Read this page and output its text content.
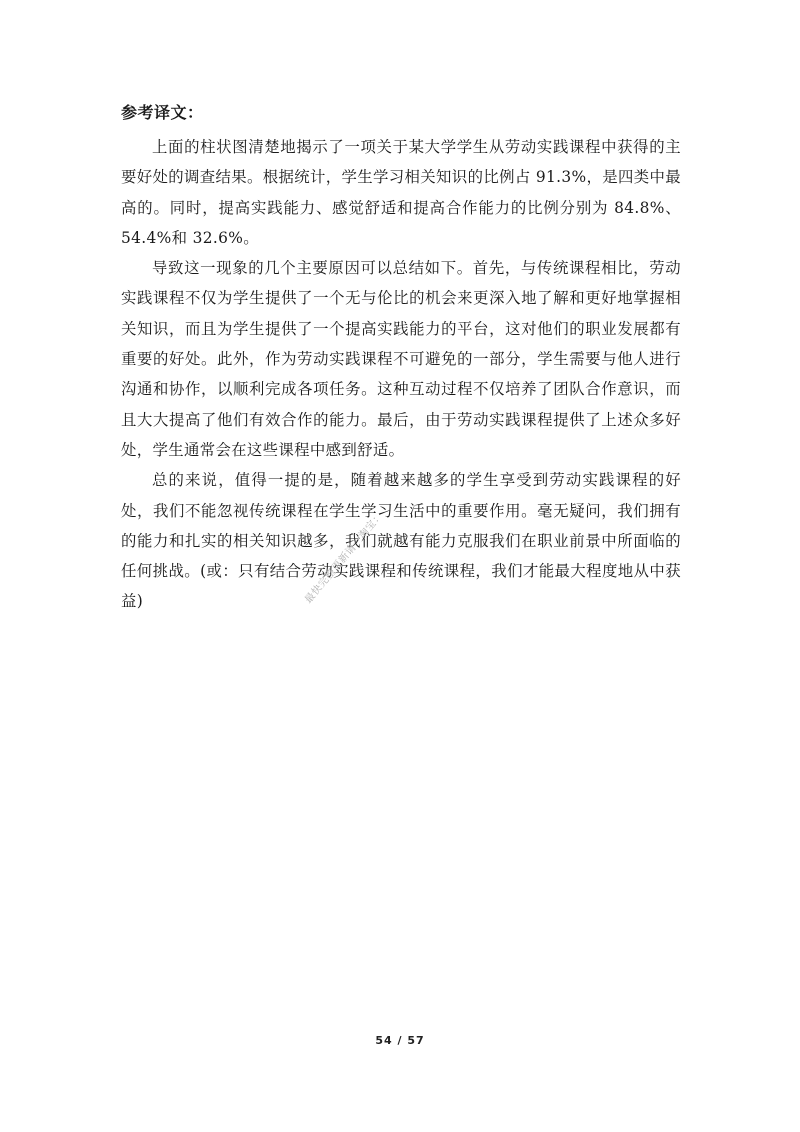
参考译文：

上面的柱状图清楚地揭示了一项关于某大学学生从劳动实践课程中获得的主要好处的调查结果。根据统计，学生学习相关知识的比例占 91.3%，是四类中最高的。同时，提高实践能力、感觉舒适和提高合作能力的比例分别为 84.8%、54.4%和 32.6%。

导致这一现象的几个主要原因可以总结如下。首先，与传统课程相比，劳动实践课程不仅为学生提供了一个无与伦比的机会来更深入地了解和更好地掌握相关知识，而且为学生提供了一个提高实践能力的平台，这对他们的职业发展都有重要的好处。此外，作为劳动实践课程不可避免的一部分，学生需要与他人进行沟通和协作，以顺利完成各项任务。这种互动过程不仅培养了团队合作意识，而且大大提高了他们有效合作的能力。最后，由于劳动实践课程提供了上述众多好处，学生通常会在这些课程中感到舒适。

总的来说，值得一提的是，随着越来越多的学生享受到劳动实践课程的好处，我们不能忽视传统课程在学生学习生活中的重要作用。毫无疑问，我们拥有的能力和扎实的相关知识越多，我们就越有能力克服我们在职业前景中所面临的任何挑战。(或：只有结合劳动实践课程和传统课程，我们才能最大程度地从中获益)	最快完整更新请一淘宝：
54 / 57
